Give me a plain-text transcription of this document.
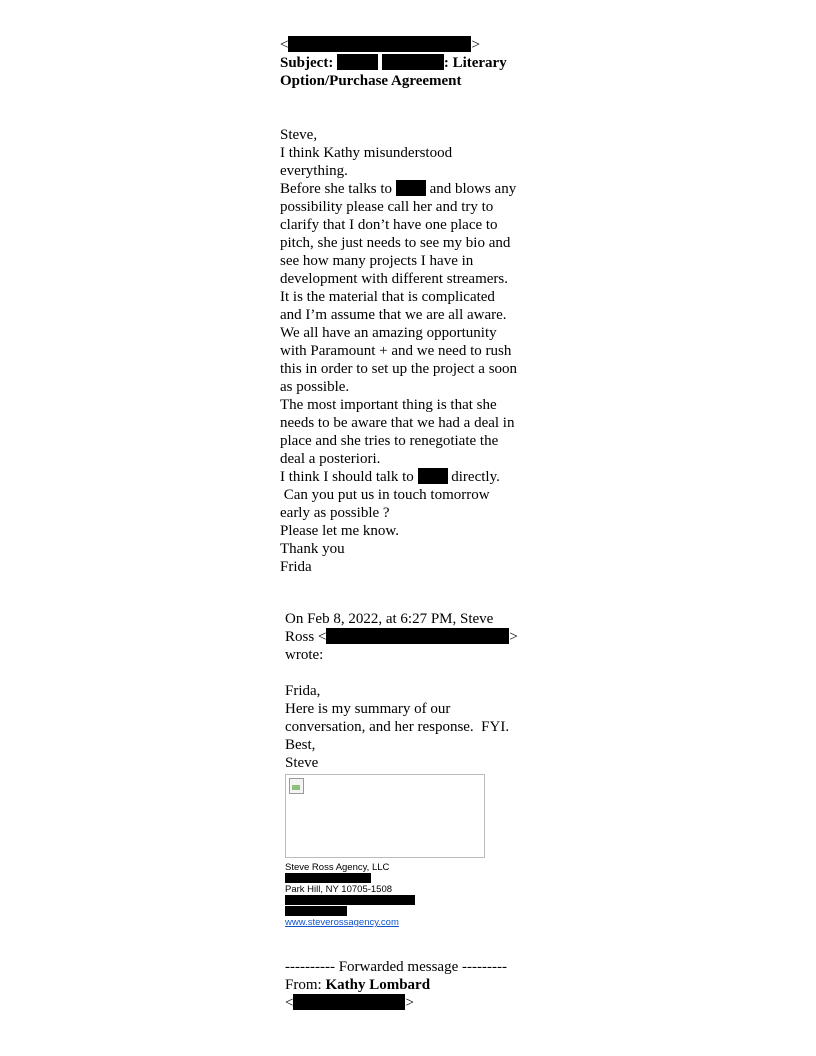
<	>
Subject:	: Literary
Option/Purchase Agreement
Steve,
I think Kathy misunderstood
everything.
Before she talks to	and blows any
possibility please call her and try to
clarify that I don’t have one place to
pitch, she just needs to see my bio and
see how many projects I have in
development with different streamers.
It is the material that is complicated
and I’m assume that we are all aware.
We all have an amazing opportunity
with Paramount + and we need to rush
this in order to set up the project a soon
as possible.
The most important thing is that she
needs to be aware that we had a deal in
place and she tries to renegotiate the
deal a posteriori.
I think I should talk to	directly.
Can you put us in touch tomorrow
early as possible ?
Please let me know.
Thank you
Frida
On Feb 8, 2022, at 6:27 PM, Steve
Ross <	>
wrote:
Frida,
Here is my summary of our
conversation, and her response.  FYI.
Best,
Steve
Steve Ross Agency, LLC
Park Hill, NY 10705-1508
www.steverossagency.com
---------- Forwarded message ---------
From: Kathy Lombard
<	>
